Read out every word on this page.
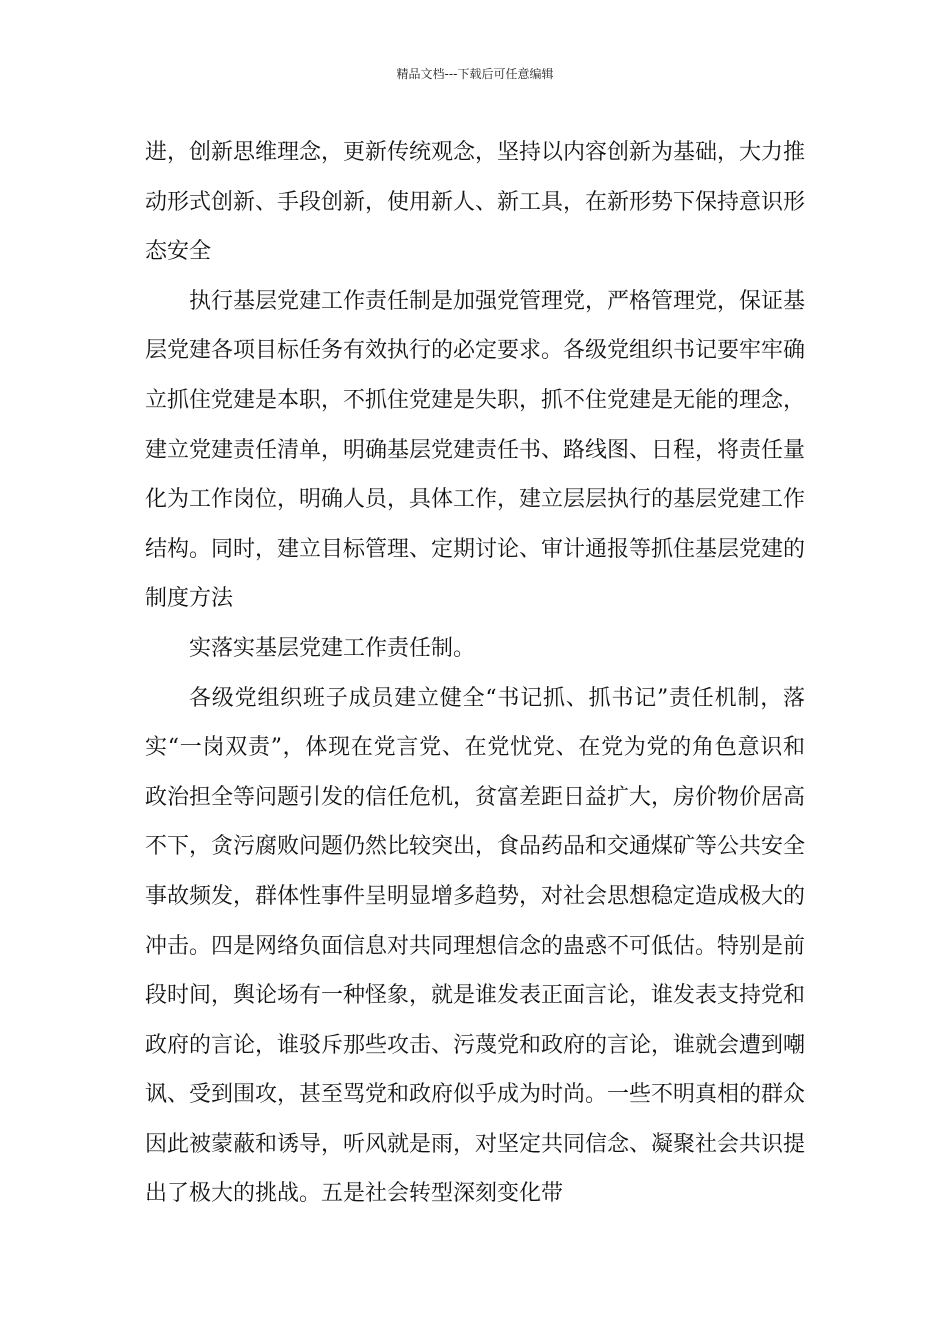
精品文档---下载后可任意编辑

进，创新思维理念，更新传统观念，坚持以内容创新为基础，大力推动形式创新、手段创新，使用新人、新工具，在新形势下保持意识形态安全

执行基层党建工作责任制是加强党管理党，严格管理党，保证基层党建各项目标任务有效执行的必定要求。各级党组织书记要牢牢确立抓住党建是本职，不抓住党建是失职，抓不住党建是无能的理念，建立党建责任清单，明确基层党建责任书、路线图、日程，将责任量化为工作岗位，明确人员，具体工作，建立层层执行的基层党建工作结构。同时，建立目标管理、定期讨论、审计通报等抓住基层党建的制度方法

实落实基层党建工作责任制。

各级党组织班子成员建立健全“书记抓、抓书记”责任机制，落实“一岗双责”，体现在党言党、在党忧党、在党为党的角色意识和政治担全等问题引发的信任危机，贫富差距日益扩大，房价物价居高不下，贪污腐败问题仍然比较突出，食品药品和交通煤矿等公共安全事故频发，群体性事件呈明显增多趋势，对社会思想稳定造成极大的冲击。四是网络负面信息对共同理想信念的蛊惑不可低估。特别是前段时间，舆论场有一种怪象，就是谁发表正面言论，谁发表支持党和政府的言论，谁驳斥那些攻击、污蔑党和政府的言论，谁就会遭到嘲讽、受到围攻，甚至骂党和政府似乎成为时尚。一些不明真相的群众因此被蒙蔽和诱导，听风就是雨，对坚定共同信念、凝聚社会共识提出了极大的挑战。五是社会转型深刻变化带
